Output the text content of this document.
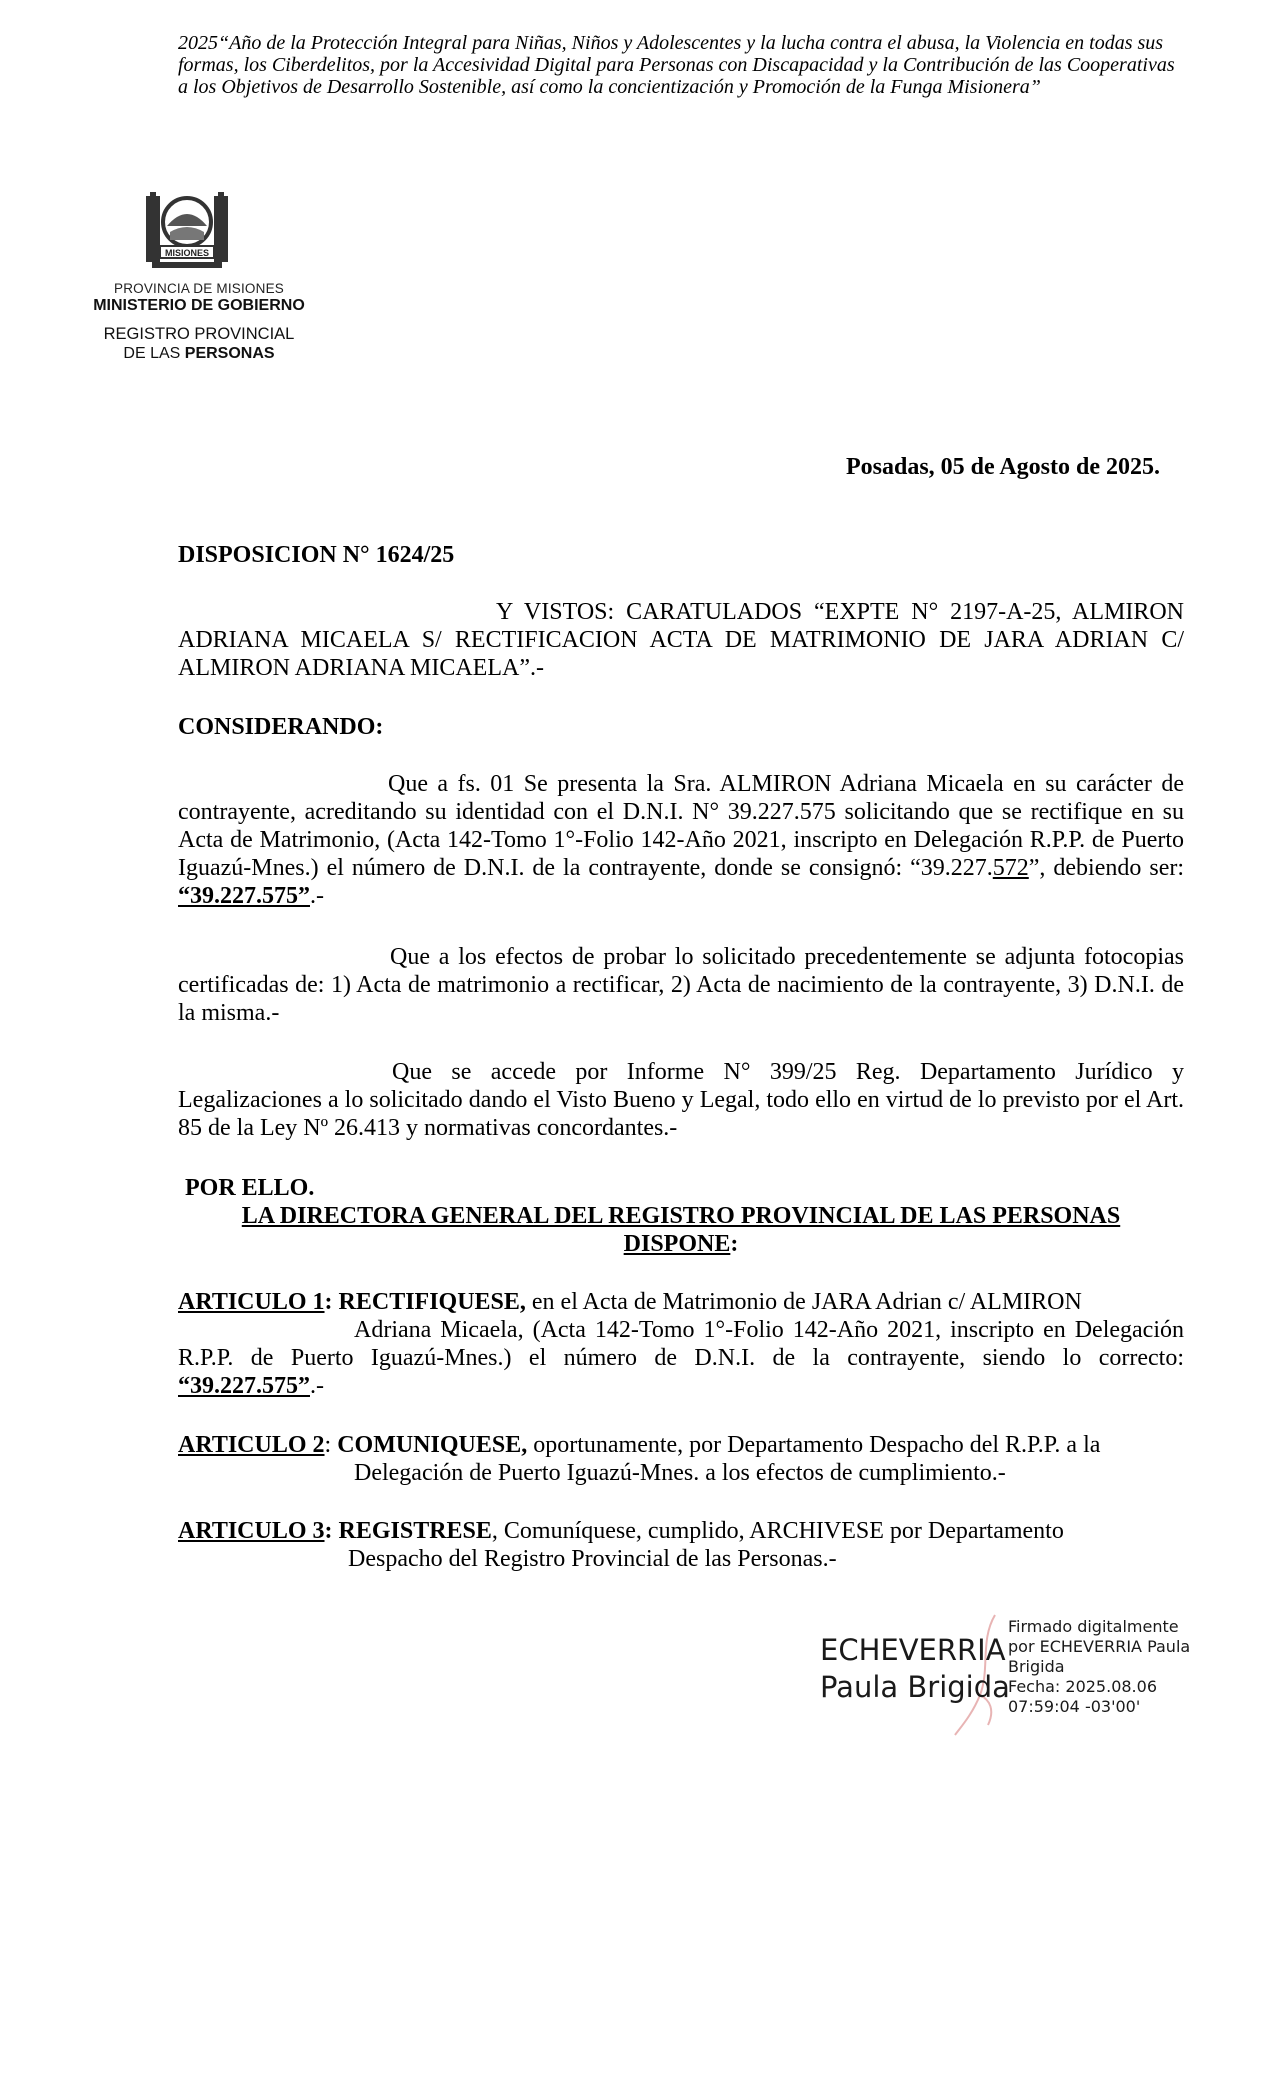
2025“Año de la Protección Integral para Niñas, Niños y Adolescentes y la lucha contra el abusa, la Violencia en todas sus formas, los Ciberdelitos, por la Accesividad Digital para Personas con Discapacidad y la Contribución de las Cooperativas a los Objetivos de Desarrollo Sostenible, así como la concientización y Promoción de la Funga Misionera”
MISIONES
PROVINCIA DE MISIONES
MINISTERIO DE GOBIERNO
REGISTRO PROVINCIAL
DE LAS PERSONAS
Posadas, 05 de Agosto de 2025.
DISPOSICION N° 1624/25
Y VISTOS: CARATULADOS “EXPTE N° 2197-A-25, ALMIRON ADRIANA MICAELA S/ RECTIFICACION ACTA DE MATRIMONIO DE JARA ADRIAN C/ ALMIRON ADRIANA MICAELA”.-
CONSIDERANDO:
Que a fs. 01 Se presenta la Sra. ALMIRON Adriana Micaela en su carácter de contrayente, acreditando su identidad con el D.N.I. N° 39.227.575 solicitando que se rectifique en su Acta de Matrimonio, (Acta 142-Tomo 1°-Folio 142-Año 2021, inscripto en Delegación R.P.P. de Puerto Iguazú-Mnes.) el número de D.N.I. de la contrayente, donde se consignó: “39.227.572”, debiendo ser: “39.227.575”.-
Que a los efectos de probar lo solicitado precedentemente se adjunta fotocopias certificadas de: 1) Acta de matrimonio a rectificar, 2) Acta de nacimiento de la contrayente, 3) D.N.I. de la misma.-
Que se accede por Informe N° 399/25 Reg. Departamento Jurídico y Legalizaciones a lo solicitado dando el Visto Bueno y Legal, todo ello en virtud de lo previsto por el Art. 85 de la Ley Nº 26.413 y normativas concordantes.-
POR ELLO.
LA DIRECTORA GENERAL DEL REGISTRO PROVINCIAL DE LAS PERSONAS
DISPONE:
ARTICULO 1: RECTIFIQUESE, en el Acta de Matrimonio de JARA Adrian c/ ALMIRON
Adriana Micaela, (Acta 142-Tomo 1°-Folio 142-Año 2021, inscripto en Delegación R.P.P. de Puerto Iguazú-Mnes.) el número de D.N.I. de la contrayente, siendo lo correcto: “39.227.575”.-
ARTICULO 2: COMUNIQUESE, oportunamente, por Departamento Despacho del R.P.P. a la
Delegación de Puerto Iguazú-Mnes. a los efectos de cumplimiento.-
ARTICULO 3: REGISTRESE, Comuníquese, cumplido, ARCHIVESE por Departamento
Despacho del Registro Provincial de las Personas.-
ECHEVERRIA
Paula Brigida
Firmado digitalmente
por ECHEVERRIA Paula
Brigida
Fecha: 2025.08.06
07:59:04 -03'00'
